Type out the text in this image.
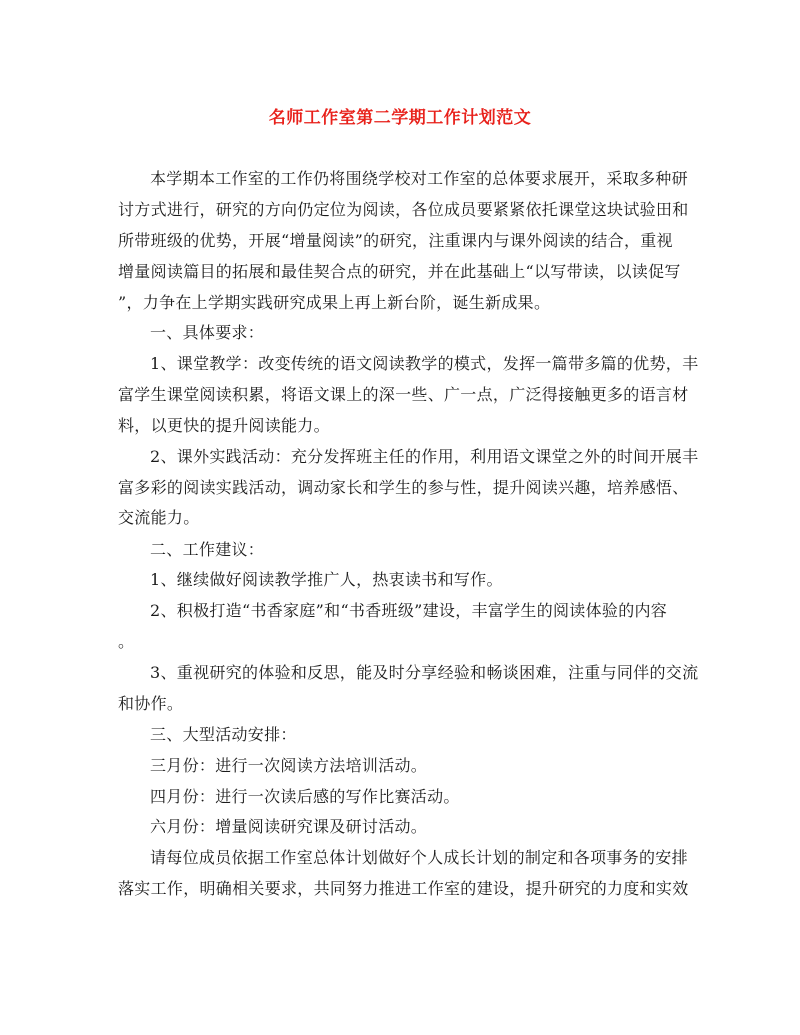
名师工作室第二学期工作计划范文
本学期本工作室的工作仍将围绕学校对工作室的总体要求展开，采取多种研
讨方式进行，研究的方向仍定位为阅读，各位成员要紧紧依托课堂这块试验田和
所带班级的优势，开展“增量阅读”的研究，注重课内与课外阅读的结合，重视
增量阅读篇目的拓展和最佳契合点的研究，并在此基础上“以写带读，以读促写
”，力争在上学期实践研究成果上再上新台阶，诞生新成果。
一、具体要求：
1、课堂教学：改变传统的语文阅读教学的模式，发挥一篇带多篇的优势，丰
富学生课堂阅读积累，将语文课上的深一些、广一点，广泛得接触更多的语言材
料，以更快的提升阅读能力。
2、课外实践活动：充分发挥班主任的作用，利用语文课堂之外的时间开展丰
富多彩的阅读实践活动，调动家长和学生的参与性，提升阅读兴趣，培养感悟、
交流能力。
二、工作建议：
1、继续做好阅读教学推广人，热衷读书和写作。
2、积极打造“书香家庭”和“书香班级”建设，丰富学生的阅读体验的内容
。
3、重视研究的体验和反思，能及时分享经验和畅谈困难，注重与同伴的交流
和协作。
三、大型活动安排：
三月份：进行一次阅读方法培训活动。
四月份：进行一次读后感的写作比赛活动。
六月份：增量阅读研究课及研讨活动。
请每位成员依据工作室总体计划做好个人成长计划的制定和各项事务的安排
落实工作，明确相关要求，共同努力推进工作室的建设，提升研究的力度和实效
